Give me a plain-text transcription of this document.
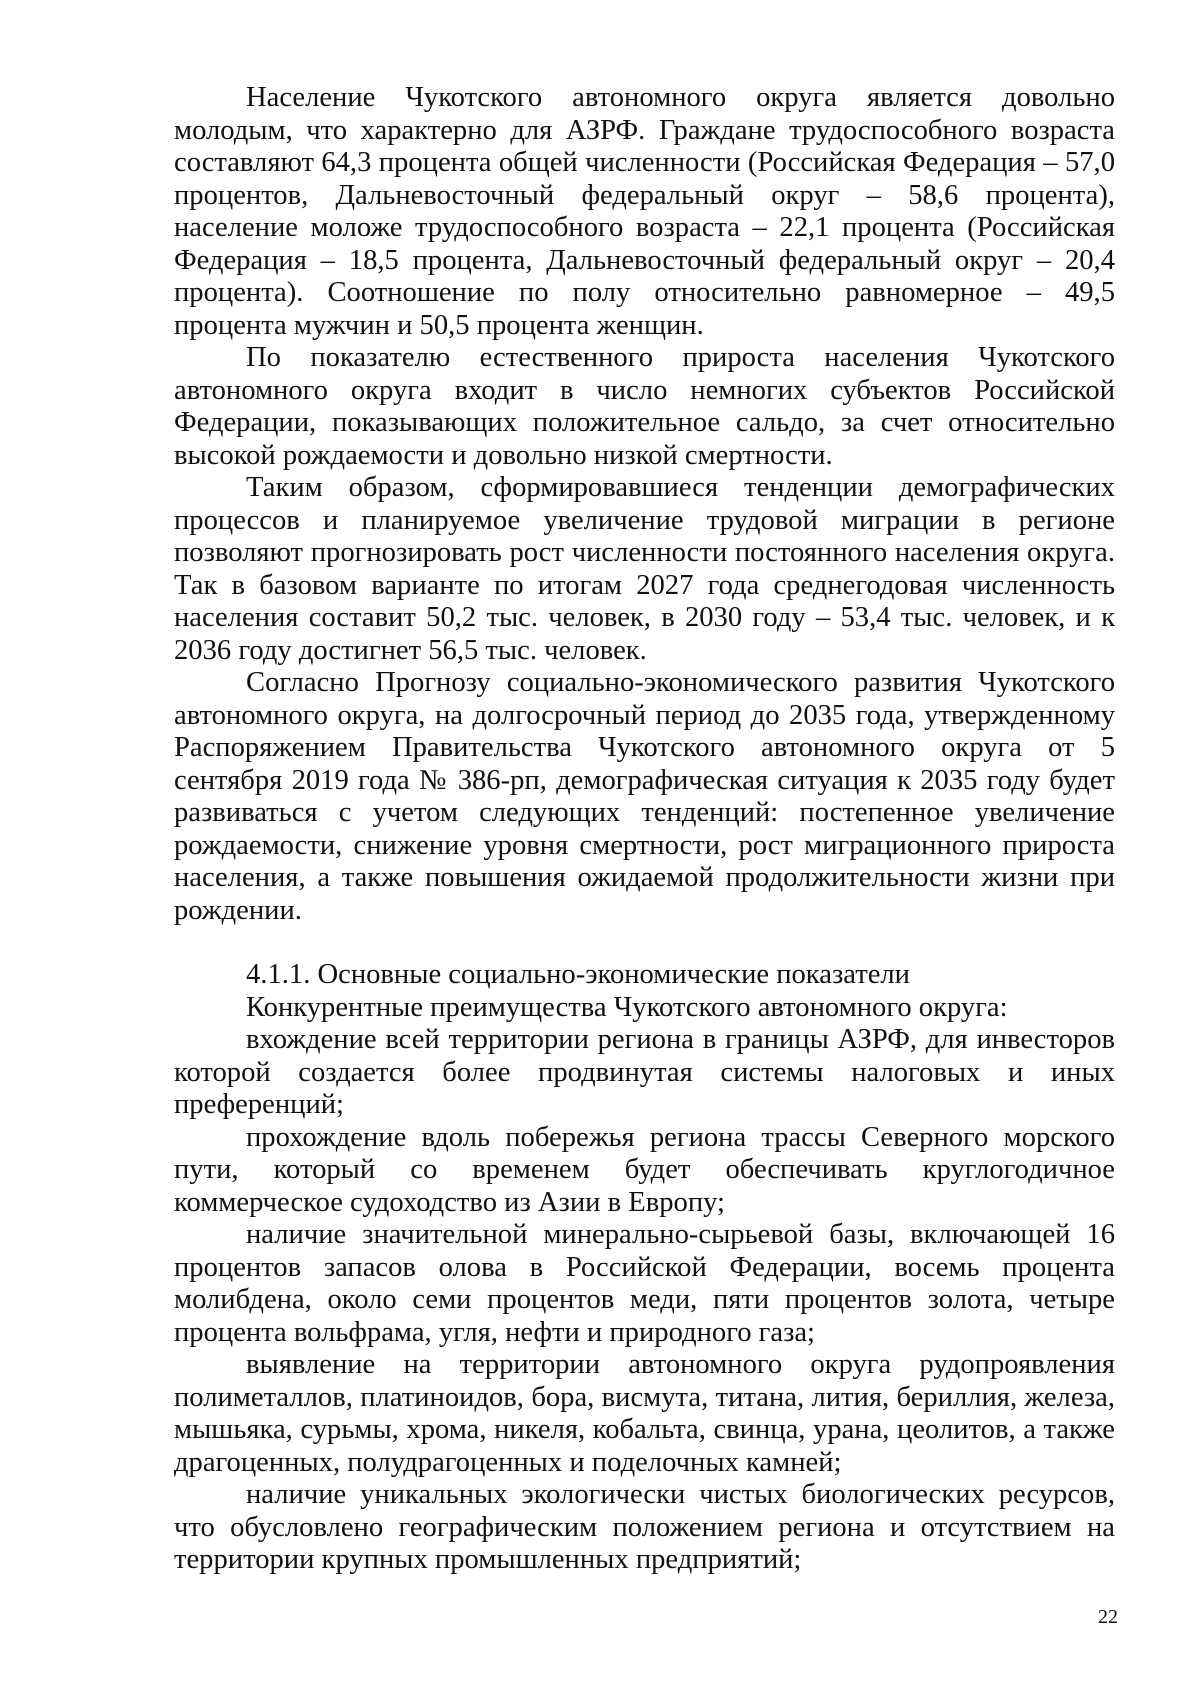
Население Чукотского автономного округа является довольно молодым, что характерно для АЗРФ. Граждане трудоспособного возраста составляют 64,3 процента общей численности (Российская Федерация – 57,0 процентов, Дальневосточный федеральный округ – 58,6 процента), население моложе трудоспособного возраста – 22,1 процента (Российская Федерация – 18,5 процента, Дальневосточный федеральный округ – 20,4 процента). Соотношение по полу относительно равномерное – 49,5 процента мужчин и 50,5 процента женщин.

По показателю естественного прироста населения Чукотского автономного округа входит в число немногих субъектов Российской Федерации, показывающих положительное сальдо, за счет относительно высокой рождаемости и довольно низкой смертности.

Таким образом, сформировавшиеся тенденции демографических процессов и планируемое увеличение трудовой миграции в регионе позволяют прогнозировать рост численности постоянного населения округа. Так в базовом варианте по итогам 2027 года среднегодовая численность населения составит 50,2 тыс. человек, в 2030 году – 53,4 тыс. человек, и к 2036 году достигнет 56,5 тыс. человек.

Согласно Прогнозу социально-экономического развития Чукотского автономного округа, на долгосрочный период до 2035 года, утвержденному Распоряжением Правительства Чукотского автономного округа от 5 сентября 2019 года № 386-рп, демографическая ситуация к 2035 году будет развиваться с учетом следующих тенденций: постепенное увеличение рождаемости, снижение уровня смертности, рост миграционного прироста населения, а также повышения ожидаемой продолжительности жизни при рождении.

4.1.1. Основные социально-экономические показатели

Конкурентные преимущества Чукотского автономного округа:

вхождение всей территории региона в границы АЗРФ, для инвесторов которой создается более продвинутая системы налоговых и иных преференций;

прохождение вдоль побережья региона трассы Северного морского пути, который со временем будет обеспечивать круглогодичное коммерческое судоходство из Азии в Европу;

наличие значительной минерально-сырьевой базы, включающей 16 процентов запасов олова в Российской Федерации, восемь процента молибдена, около семи процентов меди, пяти процентов золота, четыре процента вольфрама, угля, нефти и природного газа;

выявление на территории автономного округа рудопроявления полиметаллов, платиноидов, бора, висмута, титана, лития, бериллия, железа, мышьяка, сурьмы, хрома, никеля, кобальта, свинца, урана, цеолитов, а также драгоценных, полудрагоценных и поделочных камней;

наличие уникальных экологически чистых биологических ресурсов, что обусловлено географическим положением региона и отсутствием на территории крупных промышленных предприятий;

22
